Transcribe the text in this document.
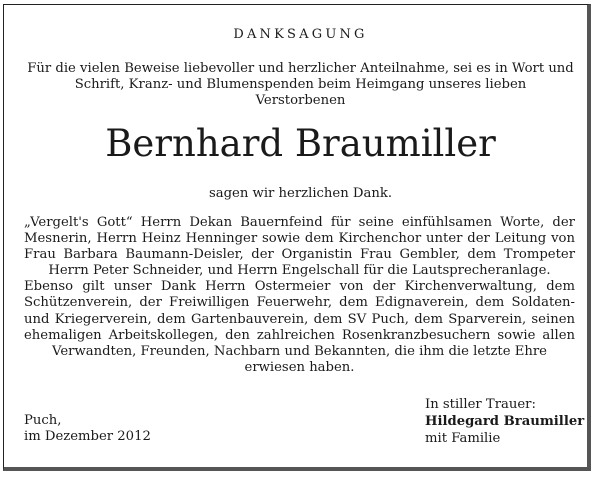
DANKSAGUNG
Für die vielen Beweise liebevoller und herzlicher Anteilnahme, sei es in Wort und
Schrift, Kranz- und Blumenspenden beim Heimgang unseres lieben
Verstorbenen
Bernhard Braumiller
sagen wir herzlichen Dank.
„Vergelt's Gott“ Herrn Dekan Bauernfeind für seine einfühlsamen Worte, der
Mesnerin, Herrn Heinz Henninger sowie dem Kirchenchor unter der Leitung von
Frau Barbara Baumann-Deisler, der Organistin Frau Gembler, dem Trompeter
Herrn Peter Schneider, und Herrn Engelschall für die Lautsprecheranlage.
Ebenso gilt unser Dank Herrn Ostermeier von der Kirchenverwaltung, dem
Schützenverein, der Freiwilligen Feuerwehr, dem Edignaverein, dem Soldaten-
und Kriegerverein, dem Gartenbauverein, dem SV Puch, dem Sparverein, seinen
ehemaligen Arbeitskollegen, den zahlreichen Rosenkranzbesuchern sowie allen
Verwandten, Freunden, Nachbarn und Bekannten, die ihm die letzte Ehre
erwiesen haben.
Puch,
im Dezember 2012
In stiller Trauer:
Hildegard Braumiller
mit Familie
